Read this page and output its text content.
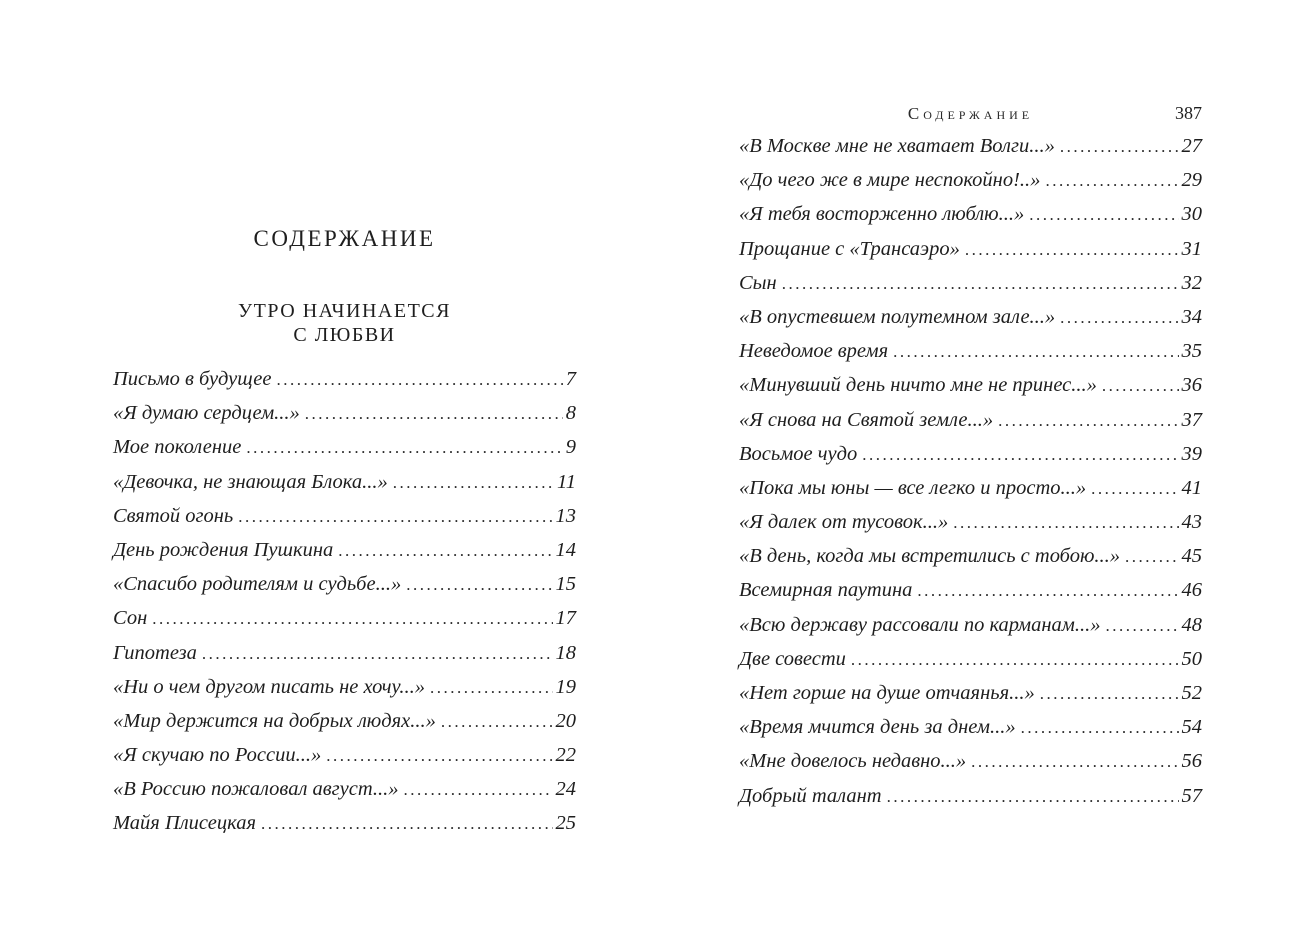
СОДЕРЖАНИЕ
УТРО НАЧИНАЕТСЯ
С ЛЮБВИ
Письмо в будущее .....	7
«Я думаю сердцем...» .....	8
Мое поколение .....	9
«Девочка, не знающая Блока...» .....	11
Святой огонь .....	13
День рождения Пушкина .....	14
«Спасибо родителям и судьбе...» .....	15
Сон .....	17
Гипотеза .....	18
«Ни о чем другом писать не хочу...» .....	19
«Мир держится на добрых людях...» .....	20
«Я скучаю по России...» .....	22
«В Россию пожаловал август...» .....	24
Майя Плисецкая .....	25
Содержание	387
«В Москве мне не хватает Волги...» .....	27
«До чего же в мире неспокойно!..» .....	29
«Я тебя восторженно люблю...» .....	30
Прощание с «Трансаэро» .....	31
Сын .....	32
«В опустевшем полутемном зале...» .....	34
Неведомое время .....	35
«Минувший день ничто мне не принес...» .....	36
«Я снова на Святой земле...» .....	37
Восьмое чудо .....	39
«Пока мы юны — все легко и просто...» .....	41
«Я далек от тусовок...» .....	43
«В день, когда мы встретились с тобою...» .....	45
Всемирная паутина .....	46
«Всю державу рассовали по карманам...» .....	48
Две совести .....	50
«Нет горше на душе отчаянья...» .....	52
«Время мчится день за днем...» .....	54
«Мне довелось недавно...» .....	56
Добрый талант .....	57
